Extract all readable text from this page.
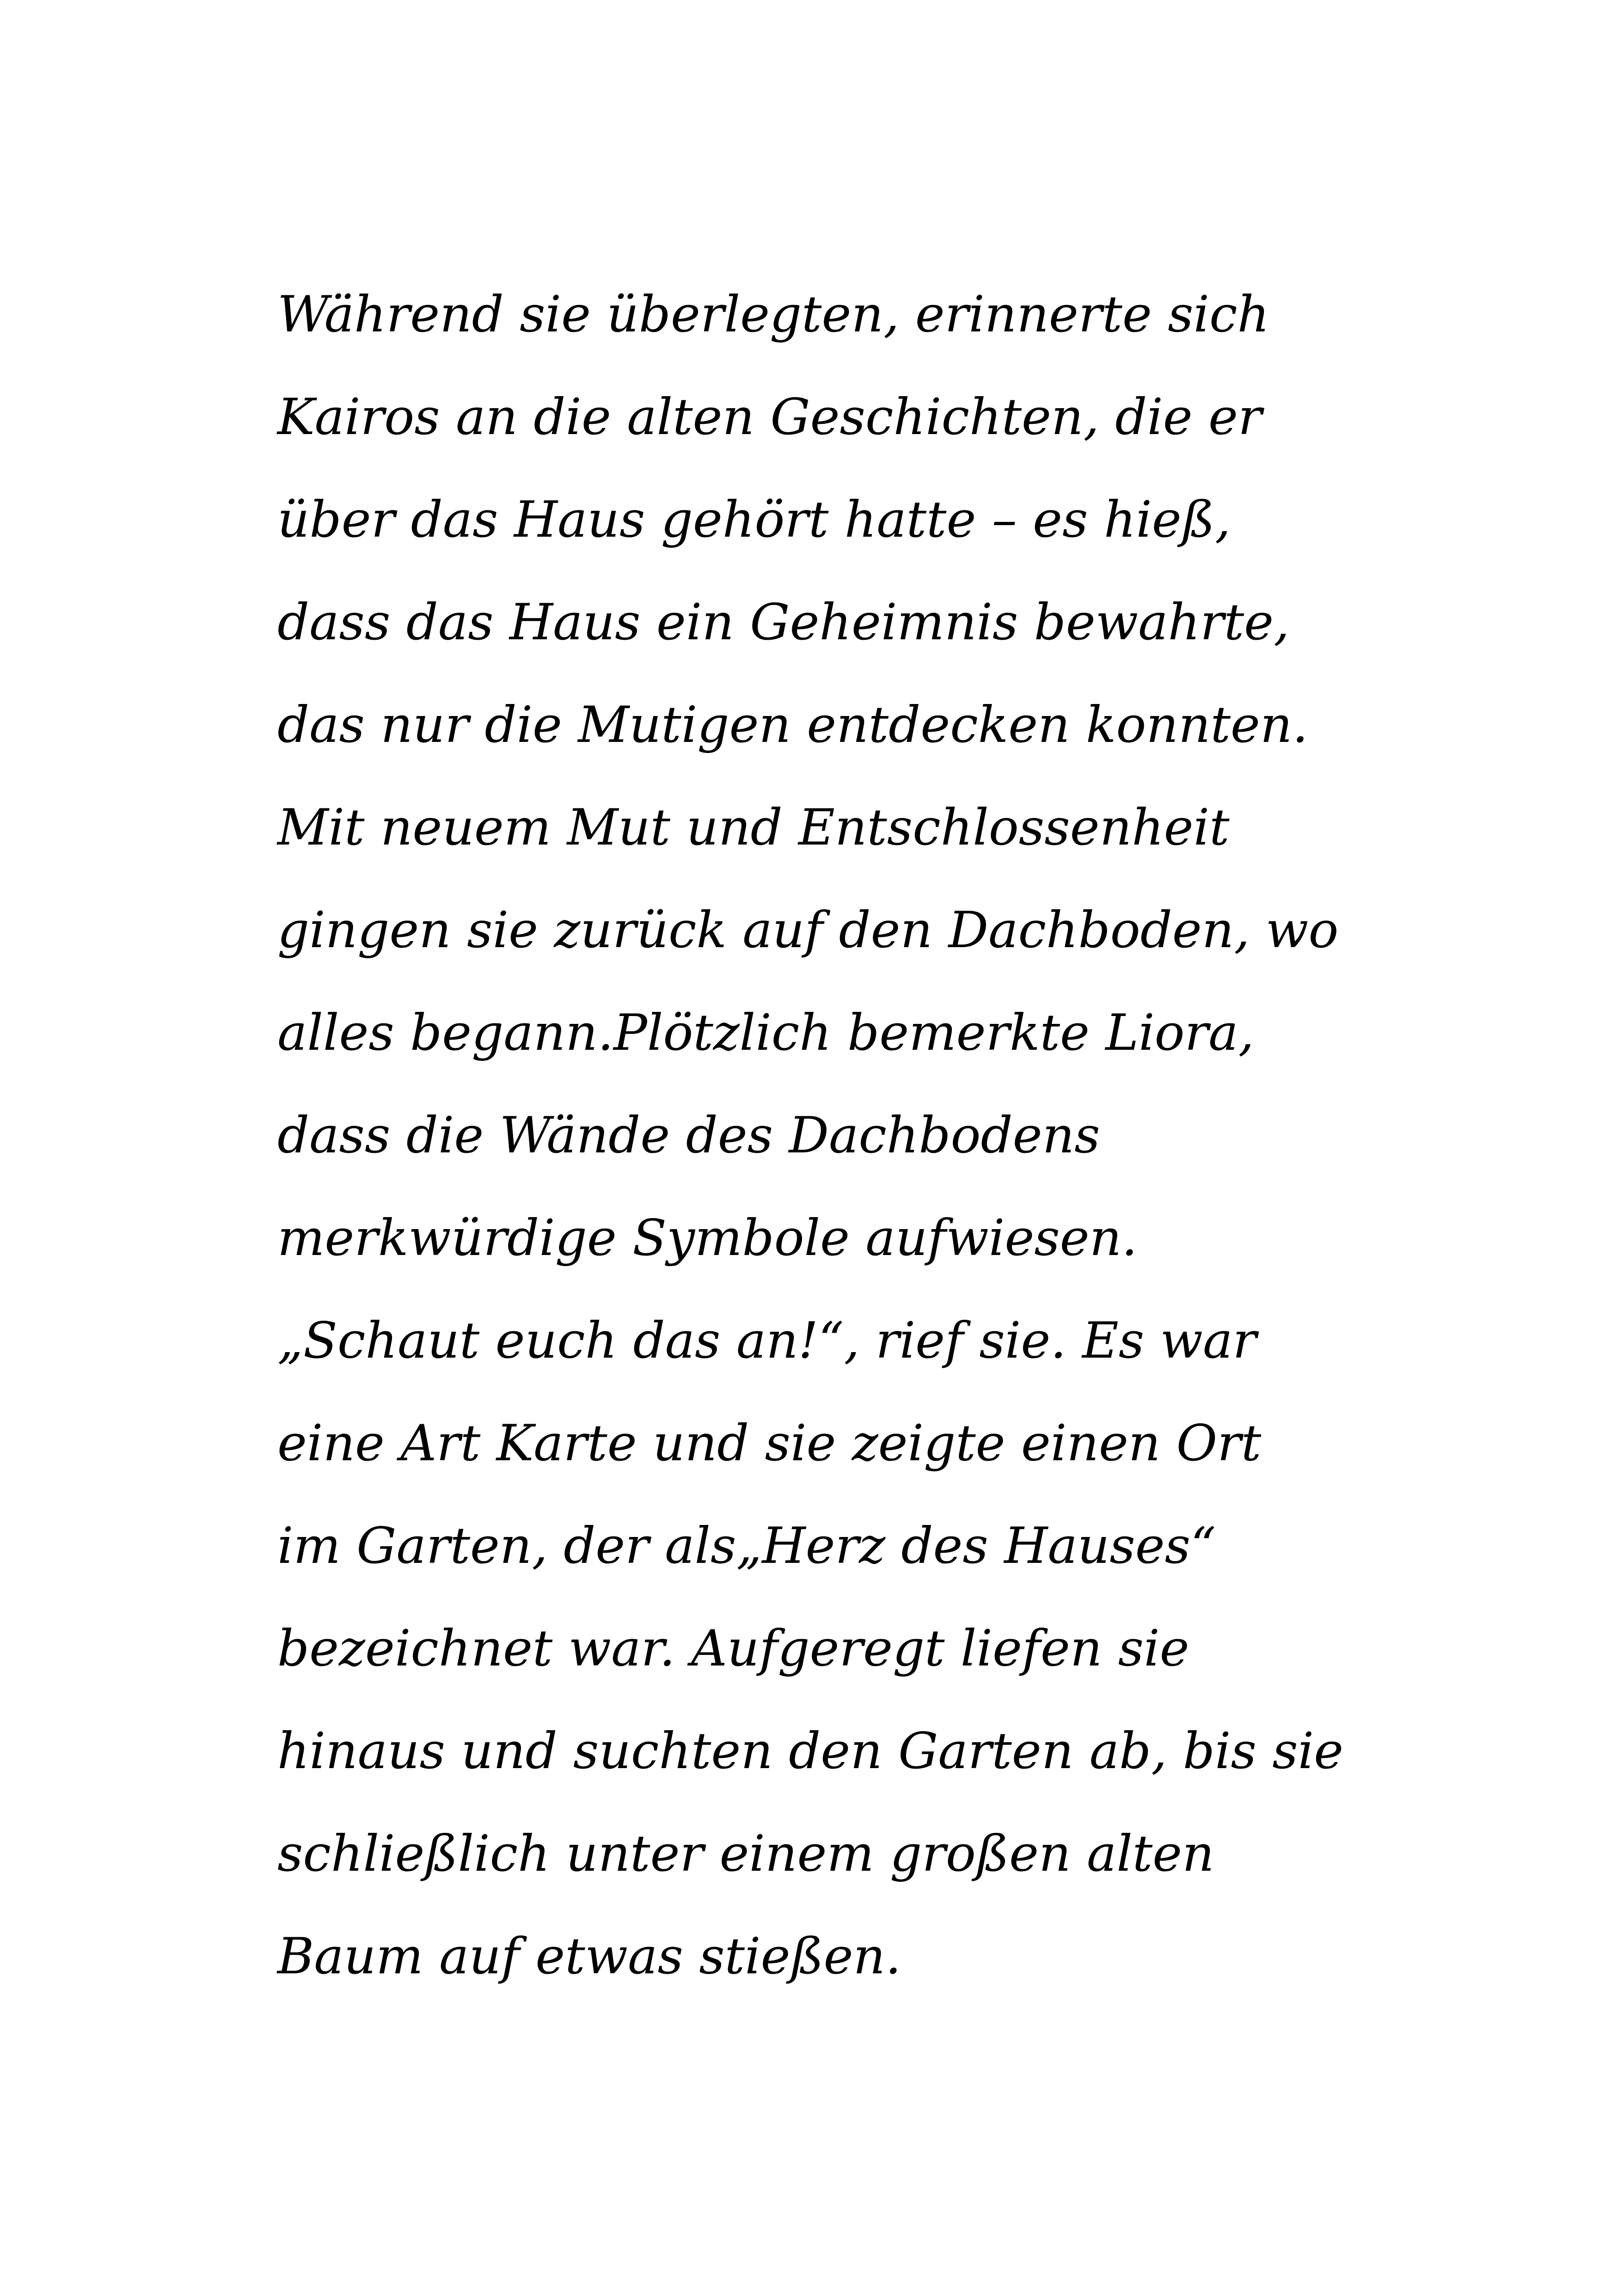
Während sie überlegten, erinnerte sich
Kairos an die alten Geschichten, die er
über das Haus gehört hatte – es hieß,
dass das Haus ein Geheimnis bewahrte,
das nur die Mutigen entdecken konnten.
Mit neuem Mut und Entschlossenheit
gingen sie zurück auf den Dachboden, wo
alles begann.Plötzlich bemerkte Liora,
dass die Wände des Dachbodens
merkwürdige Symbole aufwiesen.
„Schaut euch das an!“, rief sie. Es war
eine Art Karte und sie zeigte einen Ort
im Garten, der als„Herz des Hauses“
bezeichnet war. Aufgeregt liefen sie
hinaus und suchten den Garten ab, bis sie
schließlich unter einem großen alten
Baum auf etwas stießen.
